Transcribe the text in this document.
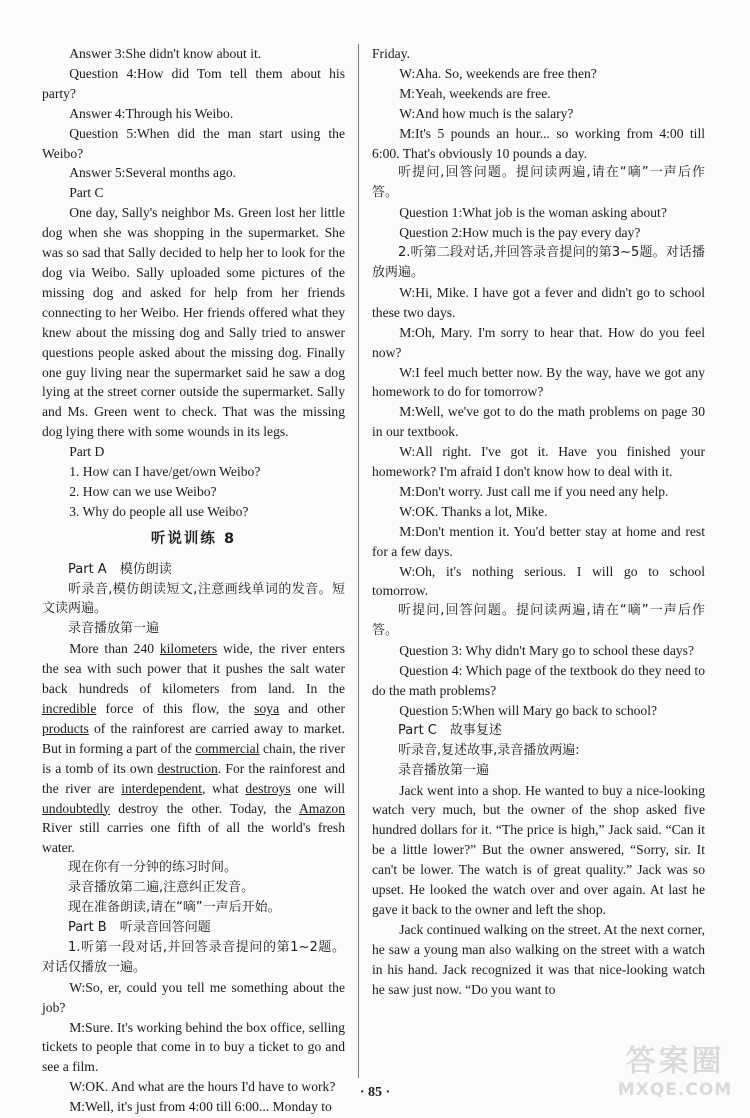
Answer 3:She didn't know about it.

Question 4:How did Tom tell them about his party?

Answer 4:Through his Weibo.

Question 5:When did the man start using the Weibo?

Answer 5:Several months ago.

Part C

One day, Sally's neighbor Ms. Green lost her little dog when she was shopping in the supermarket. She was so sad that Sally decided to help her to look for the dog via Weibo. Sally uploaded some pictures of the missing dog and asked for help from her friends connecting to her Weibo. Her friends offered what they knew about the missing dog and Sally tried to answer questions people asked about the missing dog. Finally one guy living near the supermarket said he saw a dog lying at the street corner outside the supermarket. Sally and Ms. Green went to check. That was the missing dog lying there with some wounds in its legs.

Part D

1. How can I have/get/own Weibo?

2. How can we use Weibo?

3. Why do people all use Weibo?

听说训练 8

Part A　模仿朗读

听录音,模仿朗读短文,注意画线单词的发音。短文读两遍。

录音播放第一遍

More than 240 kilometers wide, the river enters the sea with such power that it pushes the salt water back hundreds of kilometers from land. In the incredible force of this flow, the soya and other products of the rainforest are carried away to market. But in forming a part of the commercial chain, the river is a tomb of its own destruction. For the rainforest and the river are interdependent, what destroys one will undoubtedly destroy the other. Today, the Amazon River still carries one fifth of all the world's fresh water.

现在你有一分钟的练习时间。

录音播放第二遍,注意纠正发音。

现在准备朗读,请在“嘀”一声后开始。

Part B　听录音回答问题

1.听第一段对话,并回答录音提问的第1~2题。对话仅播放一遍。

W:So, er, could you tell me something about the job?

M:Sure. It's working behind the box office, selling tickets to people that come in to buy a ticket to go and see a film.

W:OK. And what are the hours I'd have to work?

M:Well, it's just from 4:00 till 6:00... Monday to

Friday.

W:Aha. So, weekends are free then?

M:Yeah, weekends are free.

W:And how much is the salary?

M:It's 5 pounds an hour... so working from 4:00 till 6:00. That's obviously 10 pounds a day.

听提问,回答问题。提问读两遍,请在“嘀”一声后作答。

Question 1:What job is the woman asking about?

Question 2:How much is the pay every day?

2.听第二段对话,并回答录音提问的第3~5题。对话播放两遍。

W:Hi, Mike. I have got a fever and didn't go to school these two days.

M:Oh, Mary. I'm sorry to hear that. How do you feel now?

W:I feel much better now. By the way, have we got any homework to do for tomorrow?

M:Well, we've got to do the math problems on page 30 in our textbook.

W:All right. I've got it. Have you finished your homework? I'm afraid I don't know how to deal with it.

M:Don't worry. Just call me if you need any help.

W:OK. Thanks a lot, Mike.

M:Don't mention it. You'd better stay at home and rest for a few days.

W:Oh, it's nothing serious. I will go to school tomorrow.

听提问,回答问题。提问读两遍,请在“嘀”一声后作答。

Question 3: Why didn't Mary go to school these days?

Question 4: Which page of the textbook do they need to do the math problems?

Question 5:When will Mary go back to school?

Part C　故事复述

听录音,复述故事,录音播放两遍:

录音播放第一遍

Jack went into a shop. He wanted to buy a nice-looking watch very much, but the owner of the shop asked five hundred dollars for it. “The price is high,” Jack said. “Can it be a little lower?” But the owner answered, “Sorry, sir. It can't be lower. The watch is of great quality.” Jack was so upset. He looked the watch over and over again. At last he gave it back to the owner and left the shop.

Jack continued walking on the street. At the next corner, he saw a young man also walking on the street with a watch in his hand. Jack recognized it was that nice-looking watch he saw just now. “Do you want to

· 85 ·
答案圈
MXQE.COM
